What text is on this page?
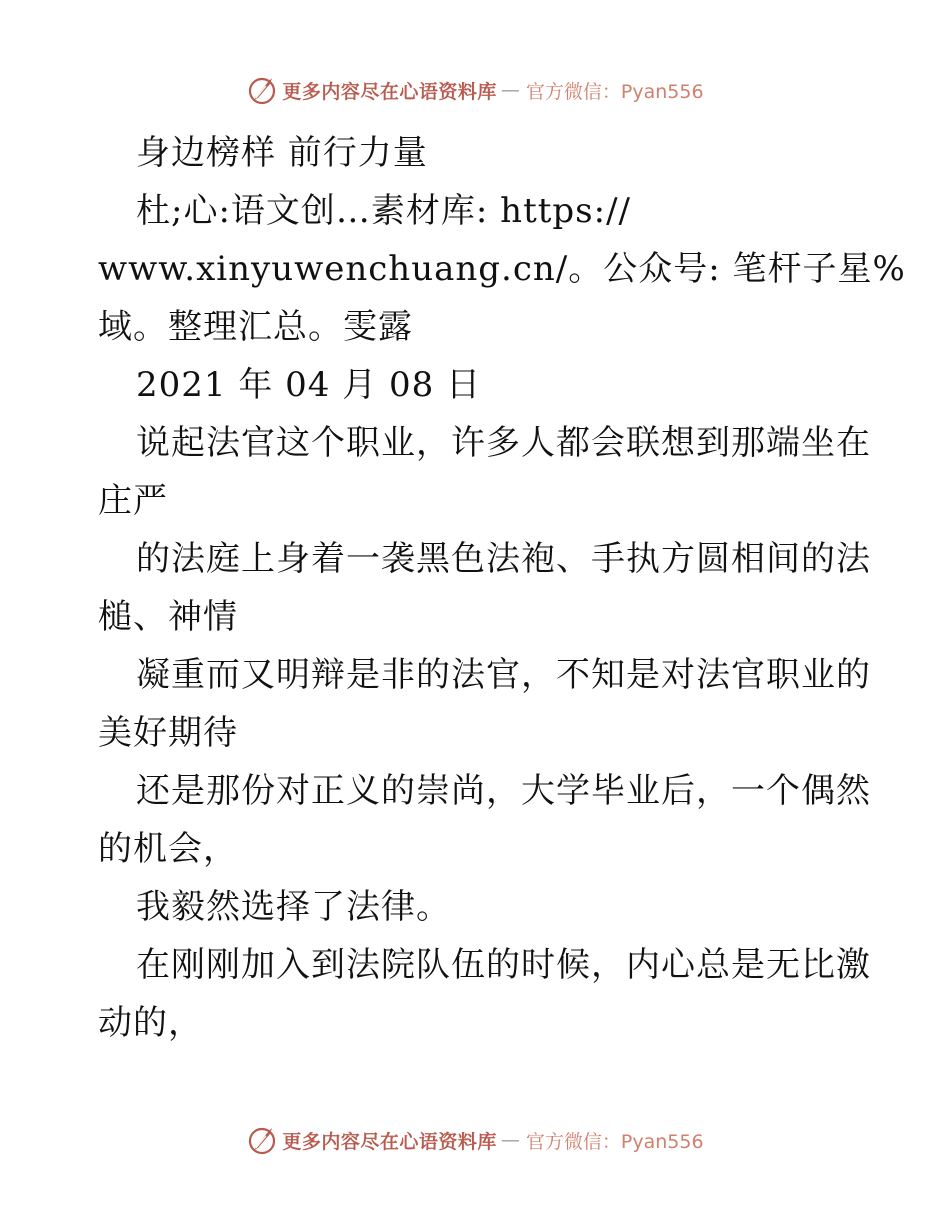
更多内容尽在心语资料库 — 官方微信：Pyan556
身边榜样 前行力量
杜;心:语文创…素材库: https://
www.xinyuwenchuang.cn/。公众号: 笔杆子星%
域。整理汇总。雯露
2021 年 04 月 08 日
说起法官这个职业，许多人都会联想到那端坐在
庄严
的法庭上身着一袭黑色法袍、手执方圆相间的法
槌、神情
凝重而又明辩是非的法官，不知是对法官职业的
美好期待
还是那份对正义的崇尚，大学毕业后，一个偶然
的机会，
我毅然选择了法律。
在刚刚加入到法院队伍的时候，内心总是无比激
动的，
更多内容尽在心语资料库 — 官方微信：Pyan556
